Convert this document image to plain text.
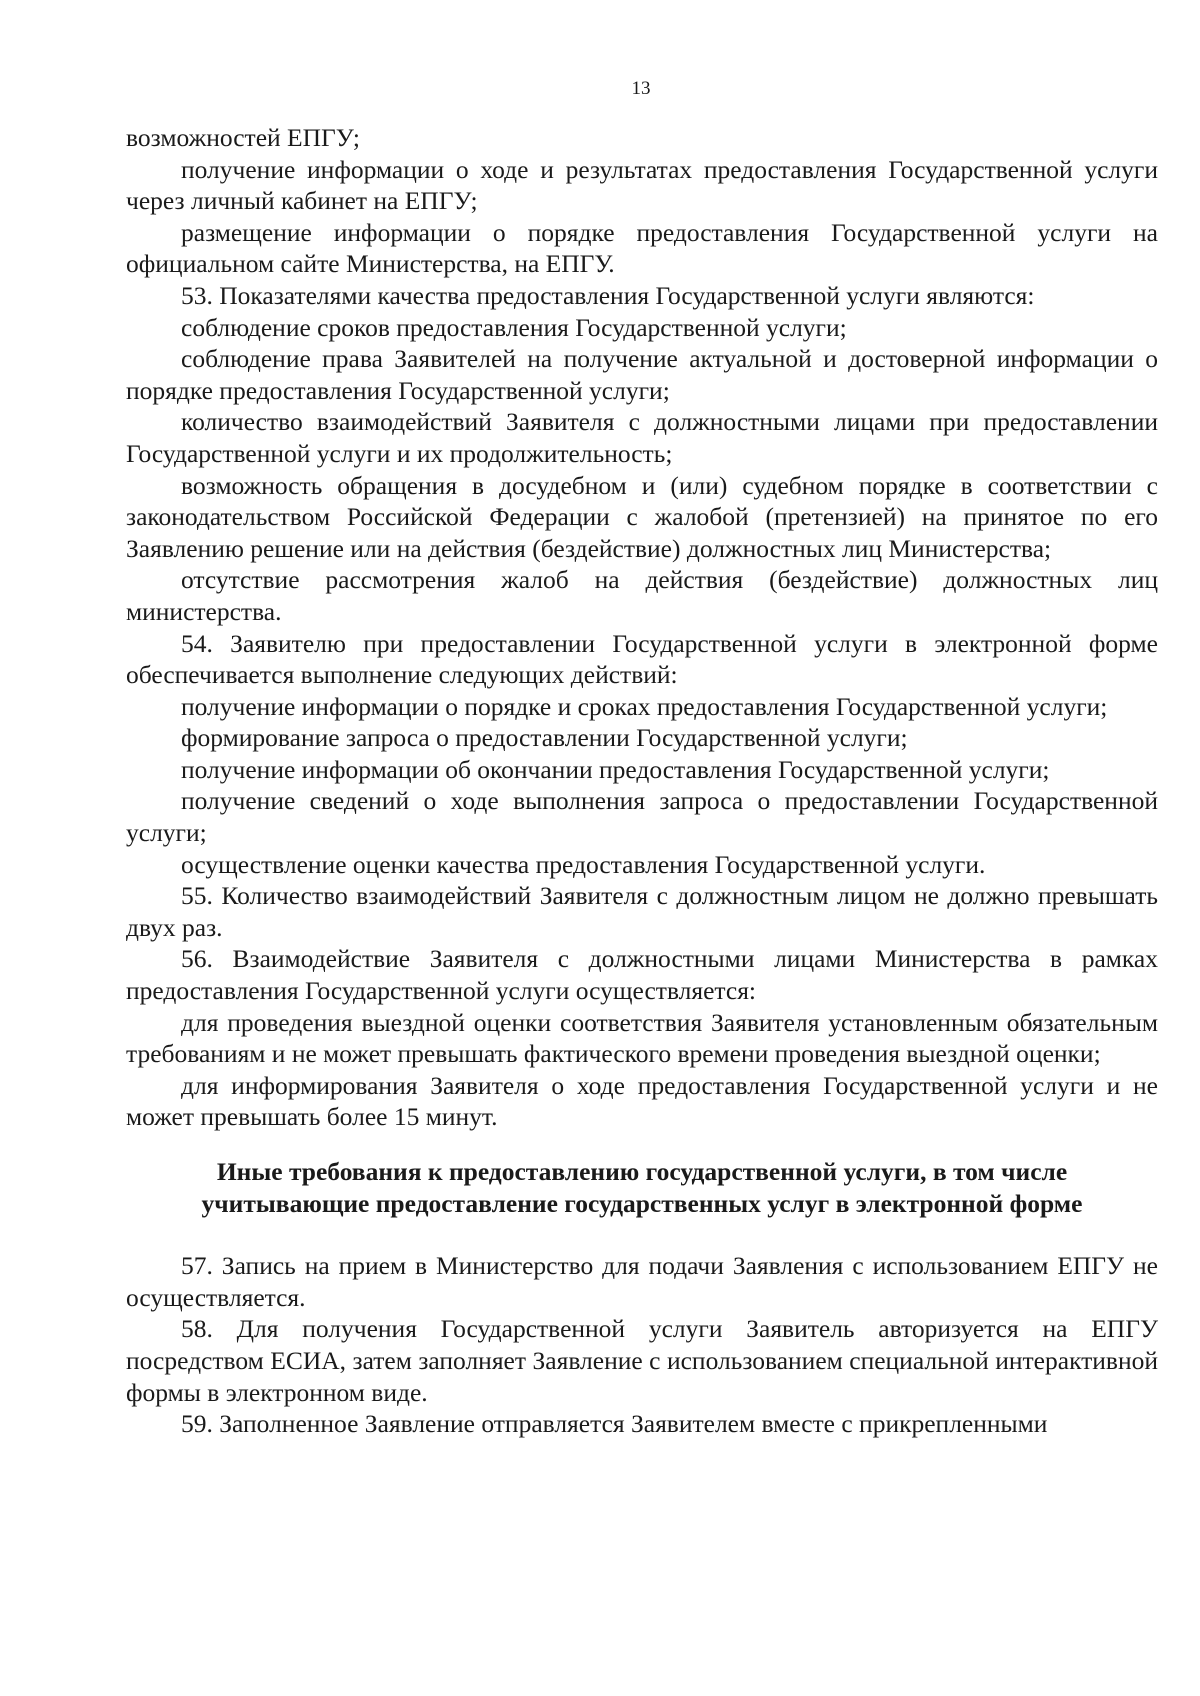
13

возможностей ЕПГУ;

получение информации о ходе и результатах предоставления Государственной услуги через личный кабинет на ЕПГУ;

размещение информации о порядке предоставления Государственной услуги на официальном сайте Министерства, на ЕПГУ.

53. Показателями качества предоставления Государственной услуги являются:

соблюдение сроков предоставления Государственной услуги;

соблюдение права Заявителей на получение актуальной и достоверной информации о порядке предоставления Государственной услуги;

количество взаимодействий Заявителя с должностными лицами при предоставлении Государственной услуги и их продолжительность;

возможность обращения в досудебном и (или) судебном порядке в соответствии с законодательством Российской Федерации с жалобой (претензией) на принятое по его Заявлению решение или на действия (бездействие) должностных лиц Министерства;

отсутствие рассмотрения жалоб на действия (бездействие) должностных лиц министерства.

54. Заявителю при предоставлении Государственной услуги в электронной форме обеспечивается выполнение следующих действий:

получение информации о порядке и сроках предоставления Государственной услуги;

формирование запроса о предоставлении Государственной услуги;

получение информации об окончании предоставления Государственной услуги;

получение сведений о ходе выполнения запроса о предоставлении Государственной услуги;

осуществление оценки качества предоставления Государственной услуги.

55. Количество взаимодействий Заявителя с должностным лицом не должно превышать двух раз.

56. Взаимодействие Заявителя с должностными лицами Министерства в рамках предоставления Государственной услуги осуществляется:

для проведения выездной оценки соответствия Заявителя установленным обязательным требованиям и не может превышать фактического времени проведения выездной оценки;

для информирования Заявителя о ходе предоставления Государственной услуги и не может превышать более 15 минут.

Иные требования к предоставлению государственной услуги, в том числе
учитывающие предоставление государственных услуг в электронной форме

57. Запись на прием в Министерство для подачи Заявления с использованием ЕПГУ не осуществляется.

58. Для получения Государственной услуги Заявитель авторизуется на ЕПГУ посредством ЕСИА, затем заполняет Заявление с использованием специальной интерактивной формы в электронном виде.

59. Заполненное Заявление отправляется Заявителем вместе с прикрепленными
